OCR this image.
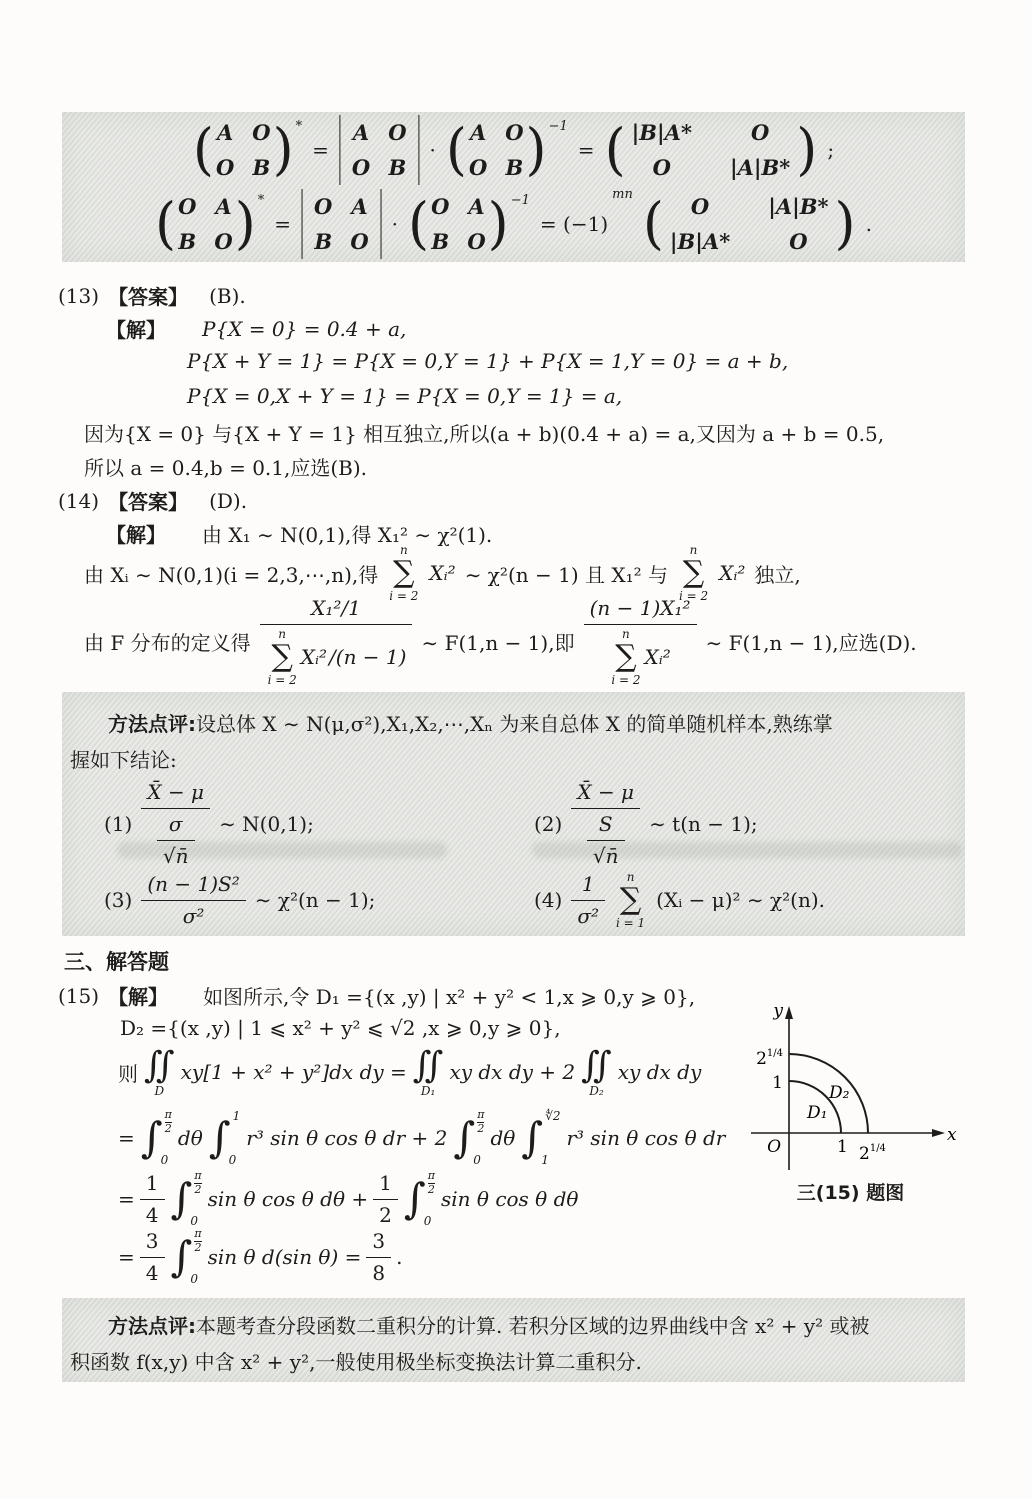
( A O
O B ) *
=
A O
O B
· ( A O
O B ) −1
= ( |B|A*	O
O	|A|B* ) ;
( O A
B O ) *
=
O A
B O
· ( O A
B O ) −1
= (−1)
mn ( O	|A|B*
|B|A*	O ) .
(13) 【答案】 (B).
【解】 P{X = 0} = 0.4 + a,
P{X + Y = 1} = P{X = 0,Y = 1} + P{X = 1,Y = 0} = a + b,
P{X = 0,X + Y = 1} = P{X = 0,Y = 1} = a,
因为{X = 0} 与{X + Y = 1} 相互独立,所以(a + b)(0.4 + a) = a,又因为 a + b = 0.5,
所以 a = 0.4,b = 0.1,应选(B).
(14) 【答案】 (D).
【解】 由 X₁ ∼ N(0,1),得 X₁² ∼ χ²(1).
由 Xᵢ ∼ N(0,1)(i = 2,3,⋯,n),得
n
∑
i = 2
Xᵢ² ∼ χ²(n − 1) 且 X₁² 与
n
∑
i = 2
Xᵢ² 独立,
由 F 分布的定义得
X₁²/1
n
∑
i = 2
Xᵢ² /(n − 1)
∼ F(1,n − 1),即 (n − 1)X₁²
n
∑
i = 2
Xᵢ² ∼ F(1,n − 1),应选(D).
方法点评:设总体 X ∼ N(μ,σ²),X₁,X₂,⋯,Xₙ 为来自总体 X 的简单随机样本,熟练掌
握如下结论:
$(1) \frac{X̄ - \mu}{\frac{\sigma}{√n̄}}$ ∼ N(0,1);	$(2) \frac{X̄ - \mu}{\frac{S}{√n̄}}$ ∼ t(n − 1);
$(3) \frac{\text{(n − 1)S²}}{\text{σ²}}$ ∼ χ²(n − 1);	$(4) \frac{1}{\text{σ²}}$ n
∑
i = 1
(Xᵢ − μ)² ∼ χ²(n).
三、解答题
(15) 【解】 如图所示,令 D₁ ={(x ,y) | x² + y² < 1,x ⩾ 0,y ⩾ 0},
D₂ ={(x ,y) | 1 ⩽ x² + y² ⩽ √2 ,x ⩾ 0,y ⩾ 0},
则 ∬
D
xy[1 + x² + y²]dx dy = ∬
D₁
xy dx dy + 2 ∬
D₂
xy dx dy
= ∫ π
2
0
dθ ∫ 1
0
r³ sin θ cos θ dr + 2 ∫ π
2
0
dθ ∫ ∜2
1
r³ sin θ cos θ dr
= $\frac{1}{4}$ ∫ π
2
0
sin θ cos θ $d\theta + \frac{1}{2}$ ∫ π
2
0
sin θ cos θ dθ
= $\frac{3}{4}$ ∫ π
2
0
sin θ d(sin $\theta) = \frac{3}{8}$ .
y
x
O
$2^{1/4}$
1
1 $2^{1/4}$
D₂
D₁
三(15) 题图
方法点评:本题考查分段函数二重积分的计算. 若积分区域的边界曲线中含 x² + y² 或被
积函数 f(x,y) 中含 x² + y²,一般使用极坐标变换法计算二重积分.
